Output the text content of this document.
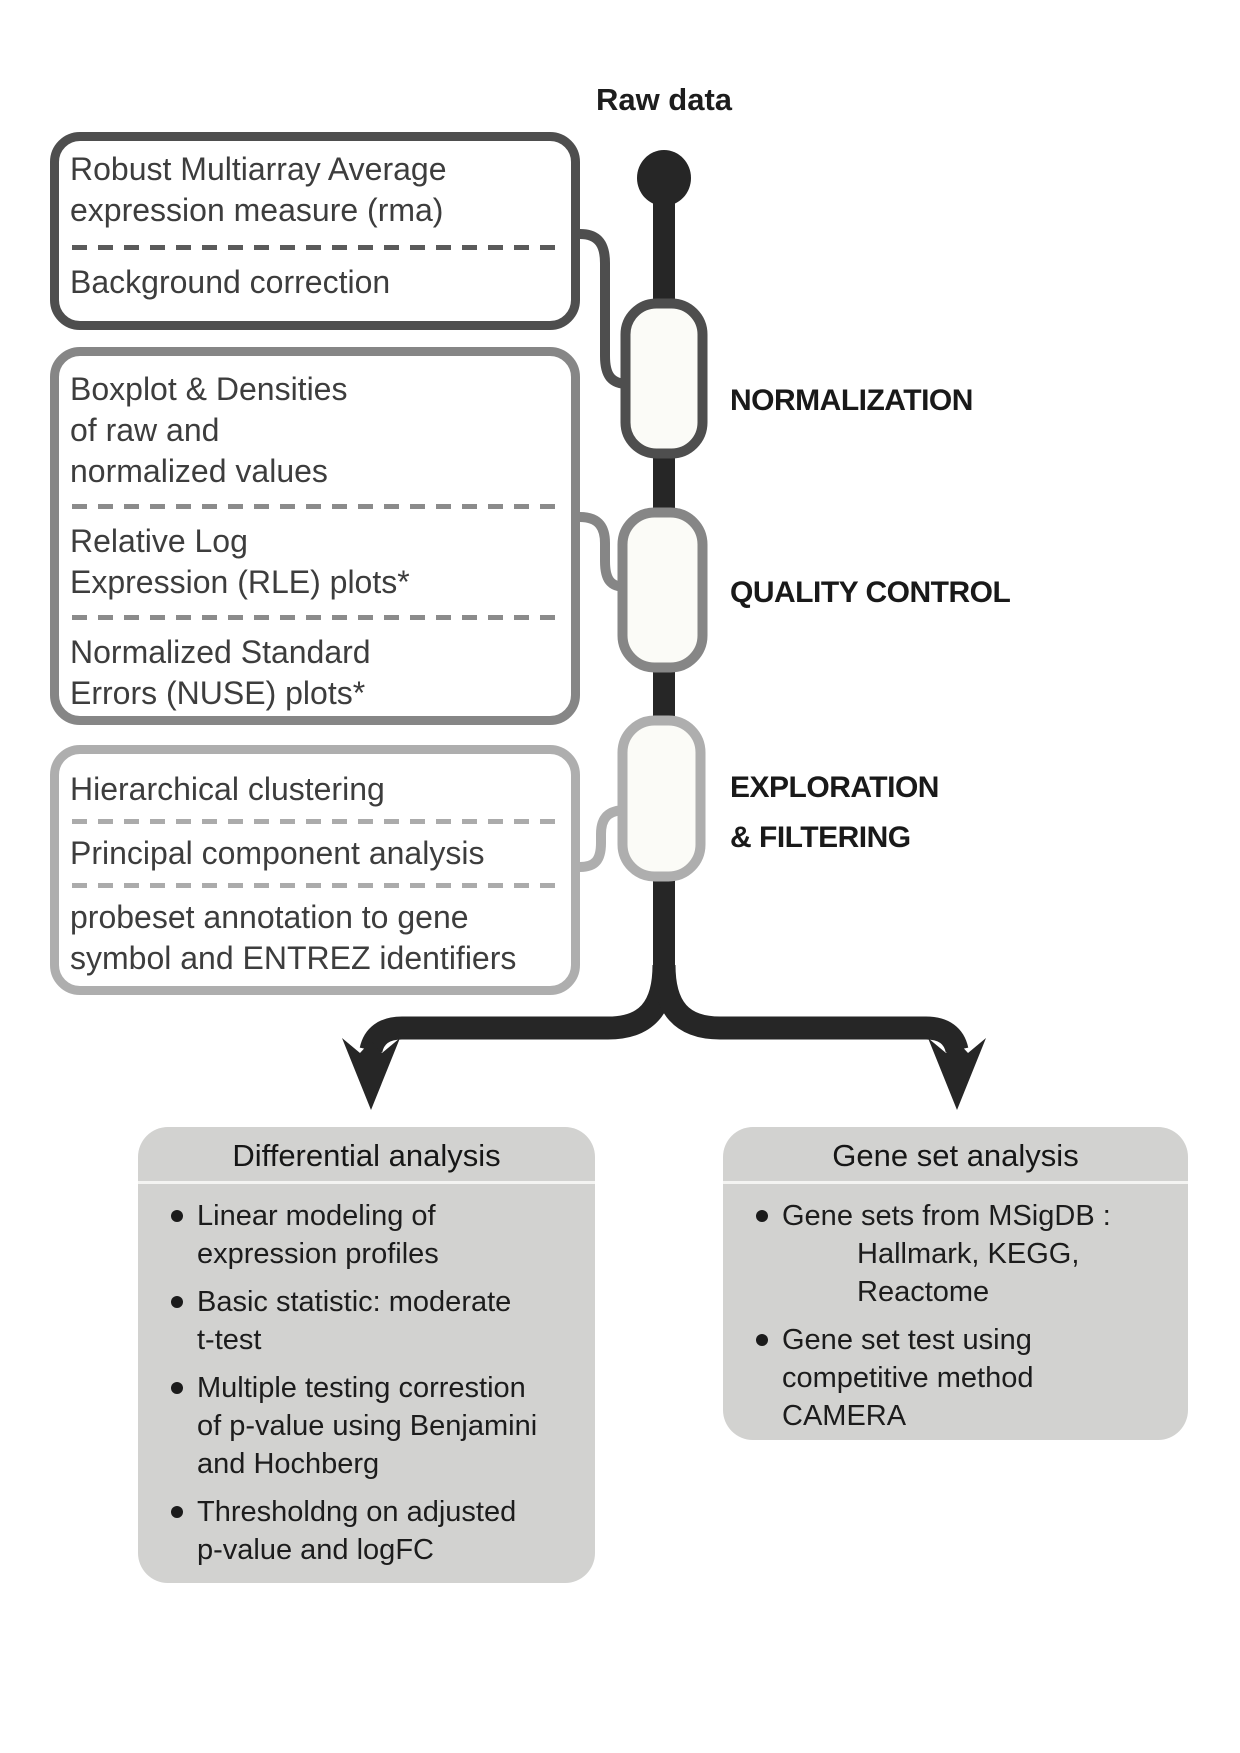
Raw data
Robust Multiarray Average
expression measure (rma)
Background correction
Boxplot & Densities
of raw and
normalized values
Relative Log
Expression (RLE) plots*
Normalized Standard
Errors (NUSE) plots*
Hierarchical clustering
Principal component analysis
probeset annotation to gene
symbol and ENTREZ identifiers
NORMALIZATION
QUALITY CONTROL
EXPLORATION
& FILTERING
Differential analysis
Linear modeling of
expression profiles
Basic statistic: moderate
t-test
Multiple testing correstion
of p-value using Benjamini
and Hochberg
Thresholdng on adjusted
p-value and logFC
Gene set analysis
Gene sets from MSigDB :
Hallmark, KEGG,
Reactome
Gene set test using
competitive method
CAMERA
